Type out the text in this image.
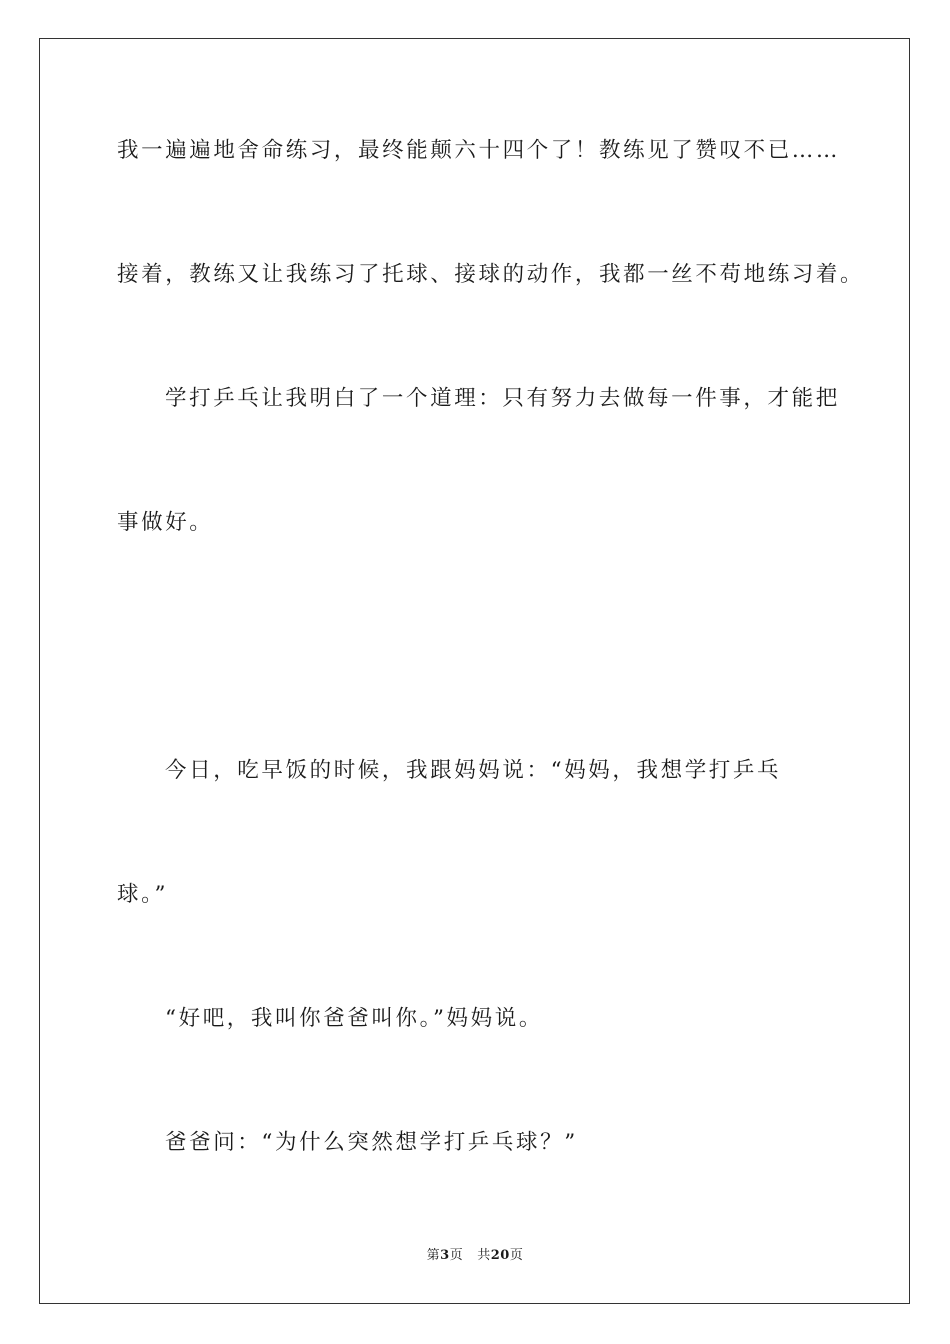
我一遍遍地舍命练习，最终能颠六十四个了！教练见了赞叹不已……
接着，教练又让我练习了托球、接球的动作，我都一丝不苟地练习着。
学打乒乓让我明白了一个道理：只有努力去做每一件事，才能把
事做好。
今日，吃早饭的时候，我跟妈妈说：“妈妈，我想学打乒乓
球。”
“好吧，我叫你爸爸叫你。”妈妈说。
爸爸问：“为什么突然想学打乒乓球？”
第3页 共20页
